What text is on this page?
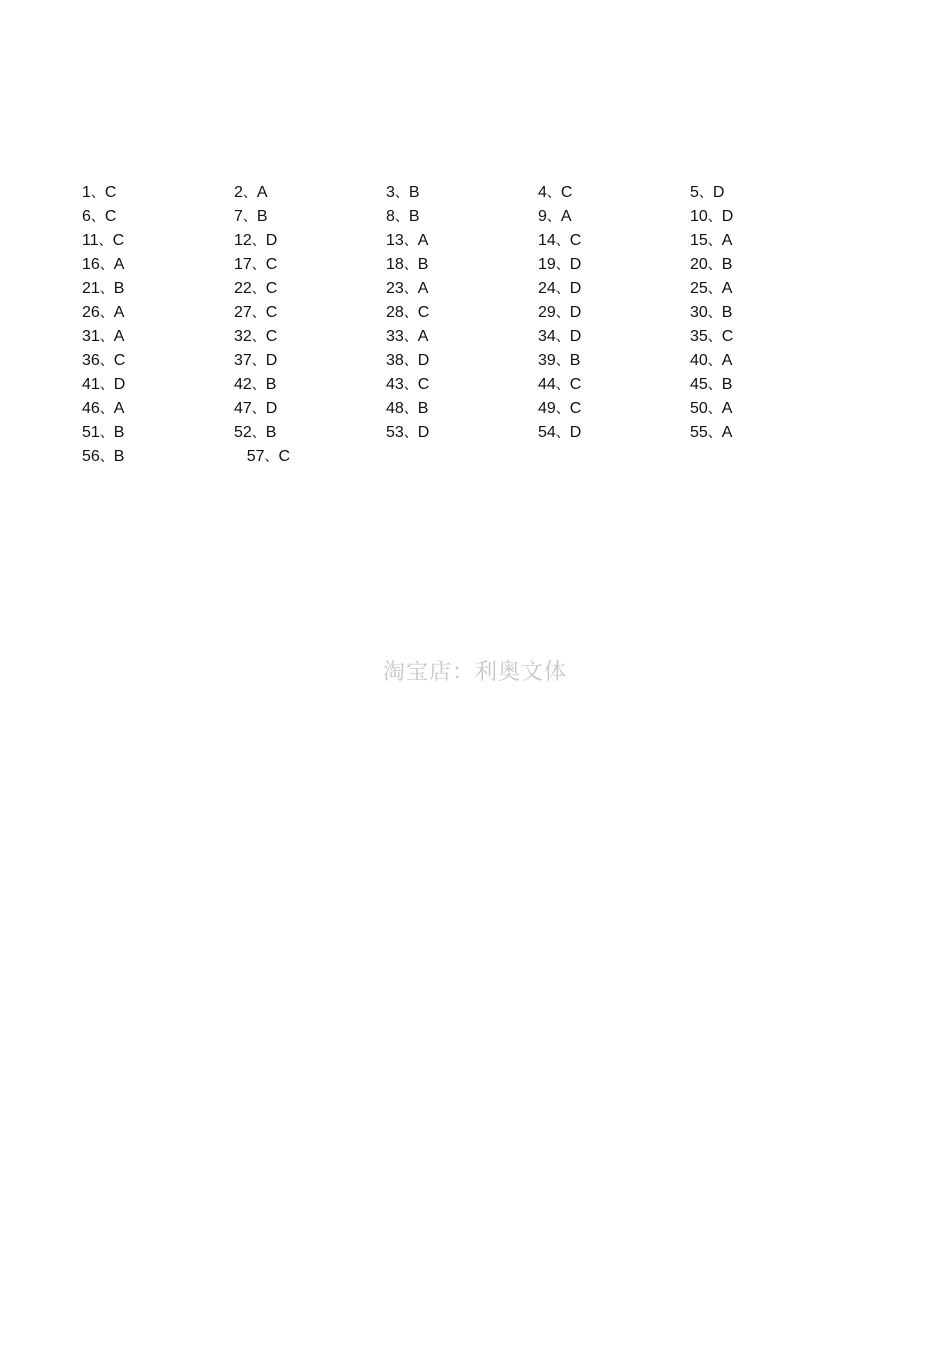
1、C	2、A	3、B	4、C	5、D
6、C	7、B	8、B	9、A	10、D
11、C	12、D	13、A	14、C	15、A
16、A	17、C	18、B	19、D	20、B
21、B	22、C	23、A	24、D	25、A
26、A	27、C	28、C	29、D	30、B
31、A	32、C	33、A	34、D	35、C
36、C	37、D	38、D	39、B	40、A
41、D	42、B	43、C	44、C	45、B
46、A	47、D	48、B	49、C	50、A
51、B	52、B	53、D	54、D	55、A
56、B	57、C
淘宝店：利奥文体
